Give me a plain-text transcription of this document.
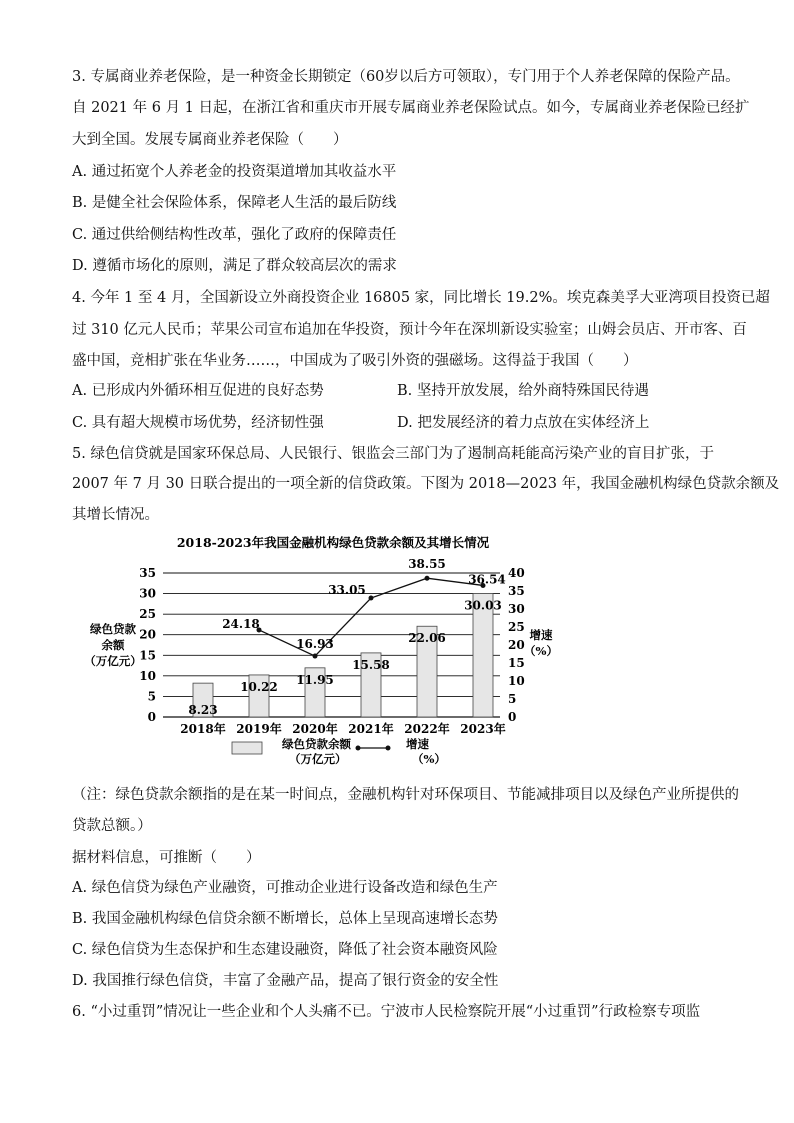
3. 专属商业养老保险，是一种资金长期锁定（60岁以后方可领取），专门用于个人养老保障的保险产品。
自 2021 年 6 月 1 日起，在浙江省和重庆市开展专属商业养老保险试点。如今，专属商业养老保险已经扩
大到全国。发展专属商业养老保险（　　）
A. 通过拓宽个人养老金的投资渠道增加其收益水平
B. 是健全社会保险体系，保障老人生活的最后防线
C. 通过供给侧结构性改革，强化了政府的保障责任
D. 遵循市场化的原则，满足了群众较高层次的需求
4. 今年 1 至 4 月，全国新设立外商投资企业 16805 家，同比增长 19.2%。埃克森美孚大亚湾项目投资已超
过 310 亿元人民币；苹果公司宣布追加在华投资，预计今年在深圳新设实验室；山姆会员店、开市客、百
盛中国，竞相扩张在华业务……，中国成为了吸引外资的强磁场。这得益于我国（　　）
A. 已形成内外循环相互促进的良好态势	B. 坚持开放发展，给外商特殊国民待遇
C. 具有超大规模市场优势，经济韧性强	D. 把发展经济的着力点放在实体经济上
5. 绿色信贷就是国家环保总局、人民银行、银监会三部门为了遏制高耗能高污染产业的盲目扩张，于
2007 年 7 月 30 日联合提出的一项全新的信贷政策。下图为 2018—2023 年，我国金融机构绿色贷款余额及
其增长情况。
2018-2023年我国金融机构绿色贷款余额及其增长情况
8.23
10.22
11.95
15.58
22.06
30.03
24.18
16.93
33.05
38.55
36.54
0
5
10
15
20
25
30
35
0
5
10
15
20
25
30
35
40
2018年 2019年 2020年 2021年 2022年 2023年
绿色贷款
余额
（万亿元）
增速
（%）
绿色贷款余额
（万亿元）
增速
（%）
（注：绿色贷款余额指的是在某一时间点，金融机构针对环保项目、节能减排项目以及绿色产业所提供的
贷款总额。）
据材料信息，可推断（　　）
A. 绿色信贷为绿色产业融资，可推动企业进行设备改造和绿色生产
B. 我国金融机构绿色信贷余额不断增长，总体上呈现高速增长态势
C. 绿色信贷为生态保护和生态建设融资，降低了社会资本融资风险
D. 我国推行绿色信贷，丰富了金融产品，提高了银行资金的安全性
6. “小过重罚”情况让一些企业和个人头痛不已。宁波市人民检察院开展“小过重罚”行政检察专项监
